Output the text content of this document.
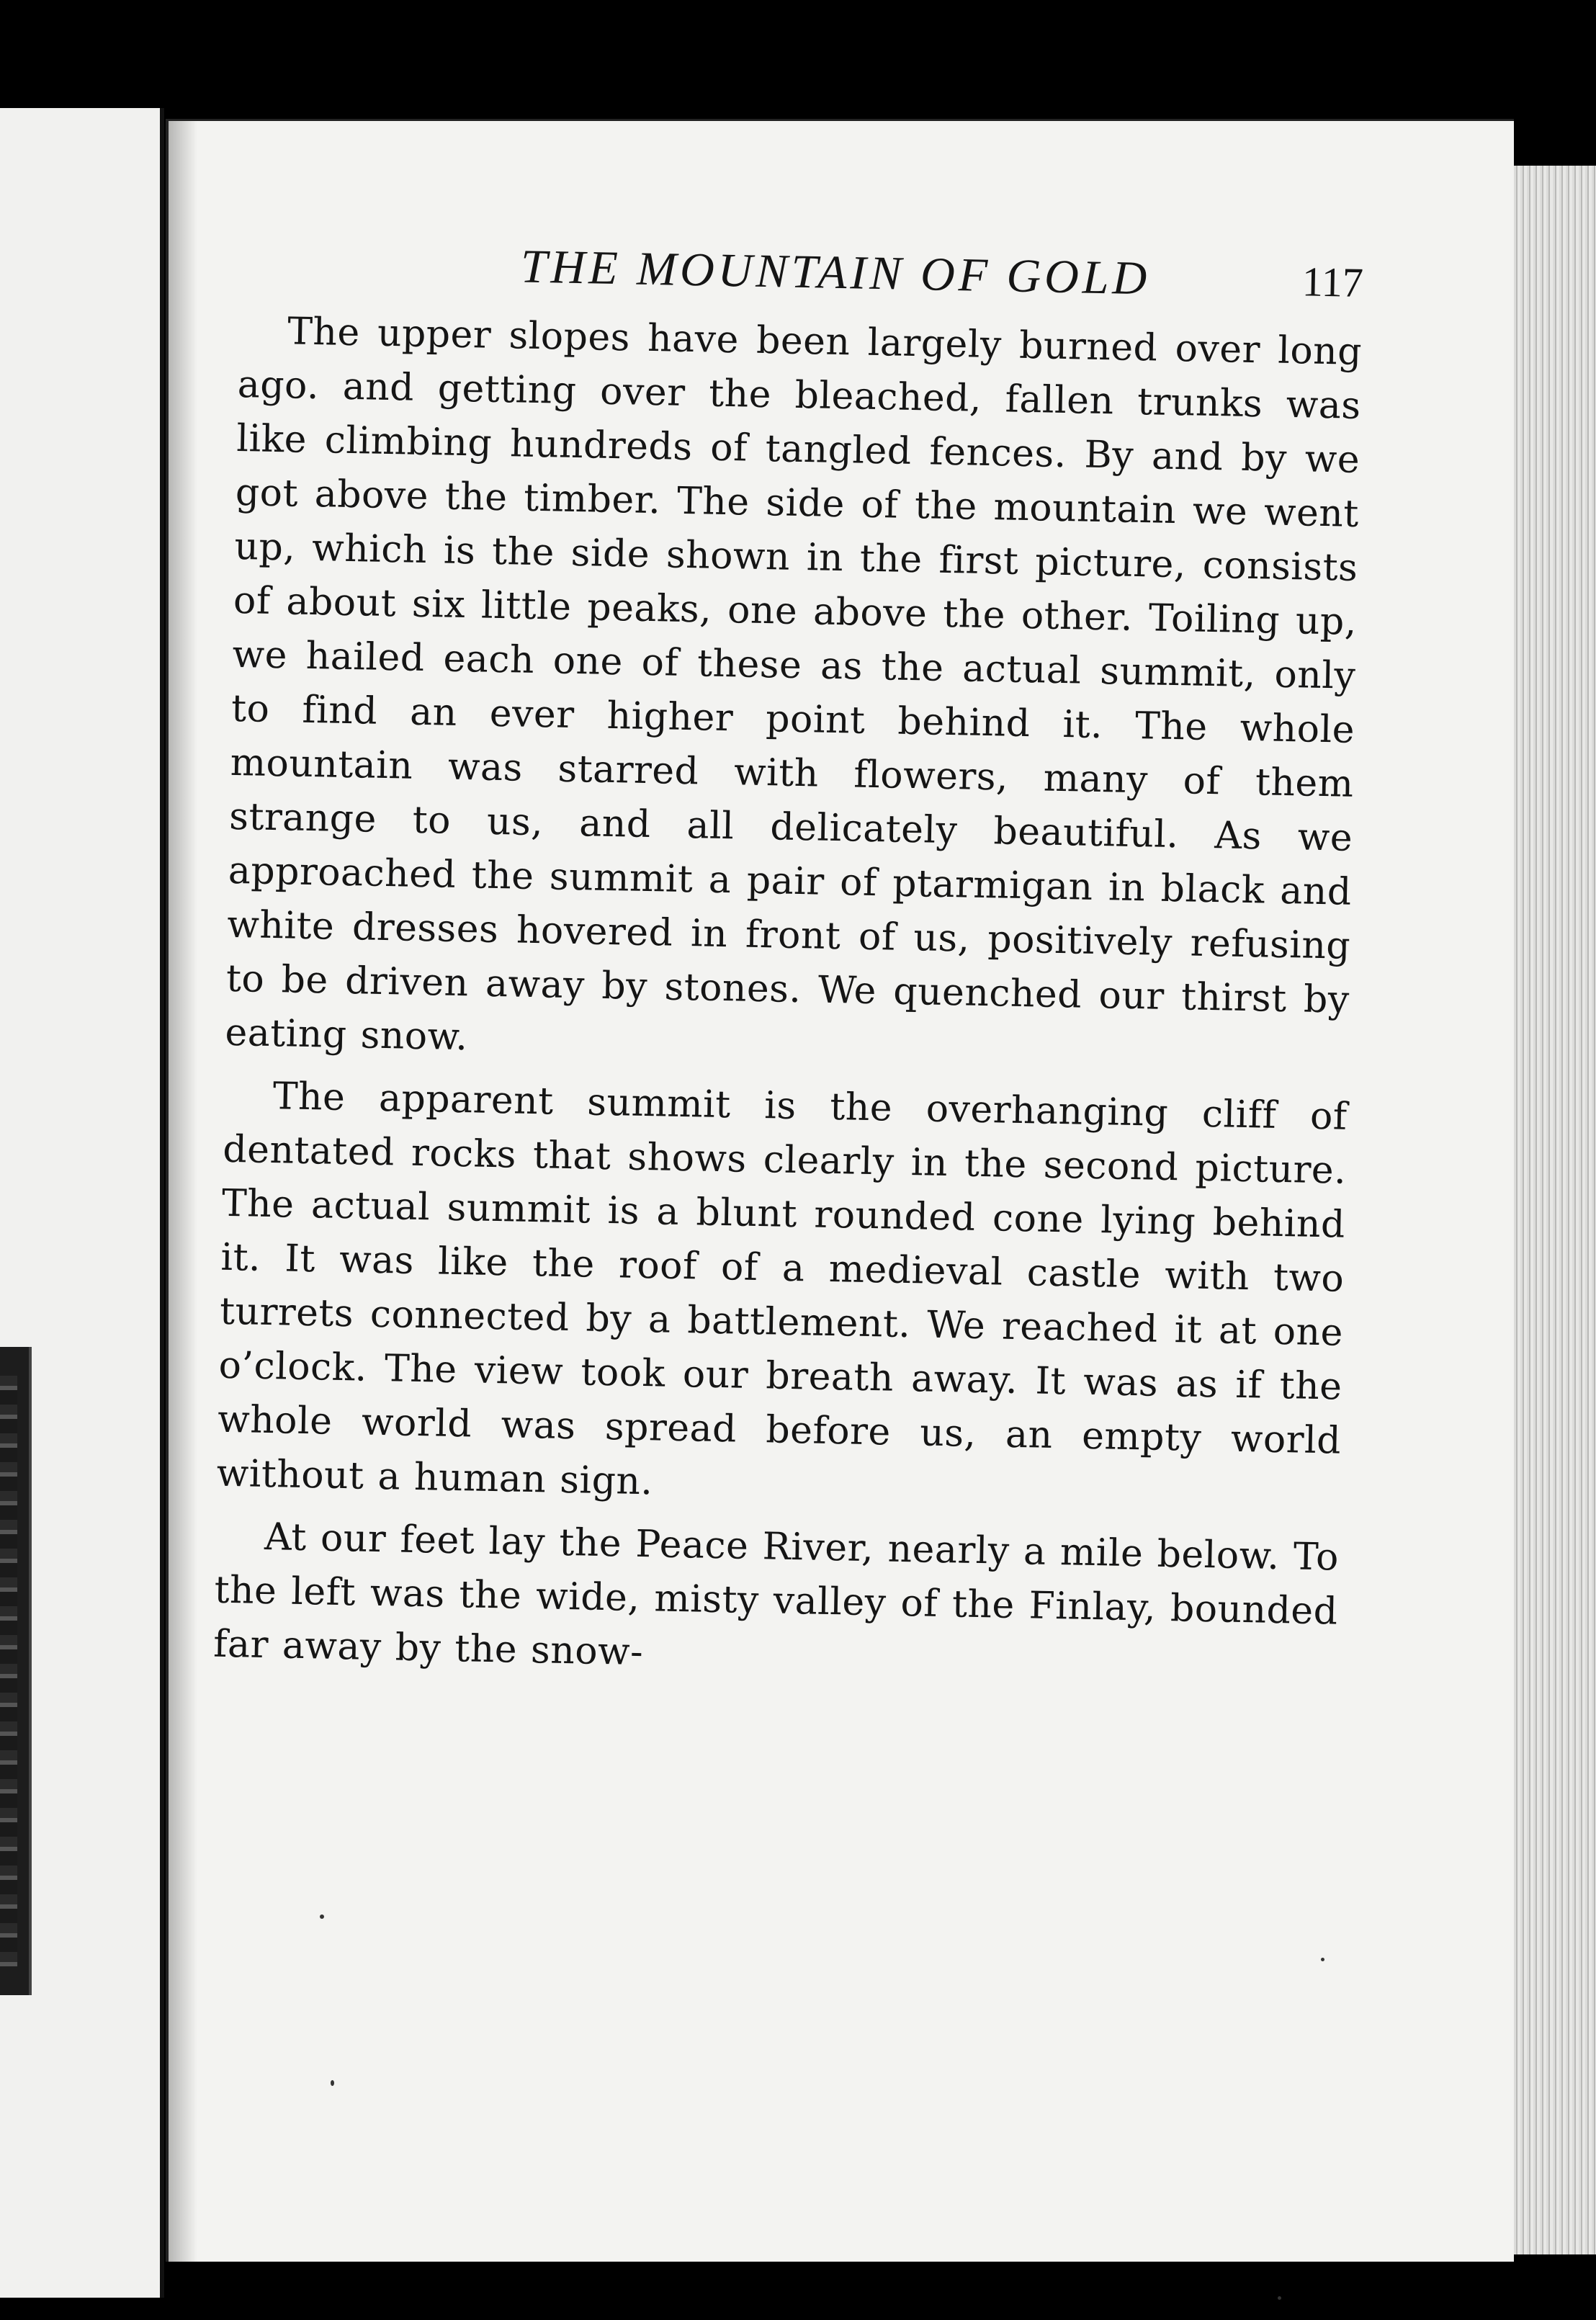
THE MOUNTAIN OF GOLD	117

The upper slopes have been largely burned over long ago. and getting over the bleached, fallen trunks was like climbing hundreds of tangled fences. By and by we got above the timber. The side of the mountain we went up, which is the side shown in the first picture, consists of about six little peaks, one above the other. Toiling up, we hailed each one of these as the actual summit, only to find an ever higher point behind it. The whole mountain was starred with flowers, many of them strange to us, and all delicately beautiful. As we approached the summit a pair of ptarmigan in black and white dresses hovered in front of us, positively refusing to be driven away by stones. We quenched our thirst by eating snow.

The apparent summit is the overhanging cliff of dentated rocks that shows clearly in the second picture. The actual summit is a blunt rounded cone lying behind it. It was like the roof of a medieval castle with two turrets connected by a battlement. We reached it at one o’clock. The view took our breath away. It was as if the whole world was spread before us, an empty world without a human sign.

At our feet lay the Peace River, nearly a mile below. To the left was the wide, misty valley of the Finlay, bounded far away by the snow-
